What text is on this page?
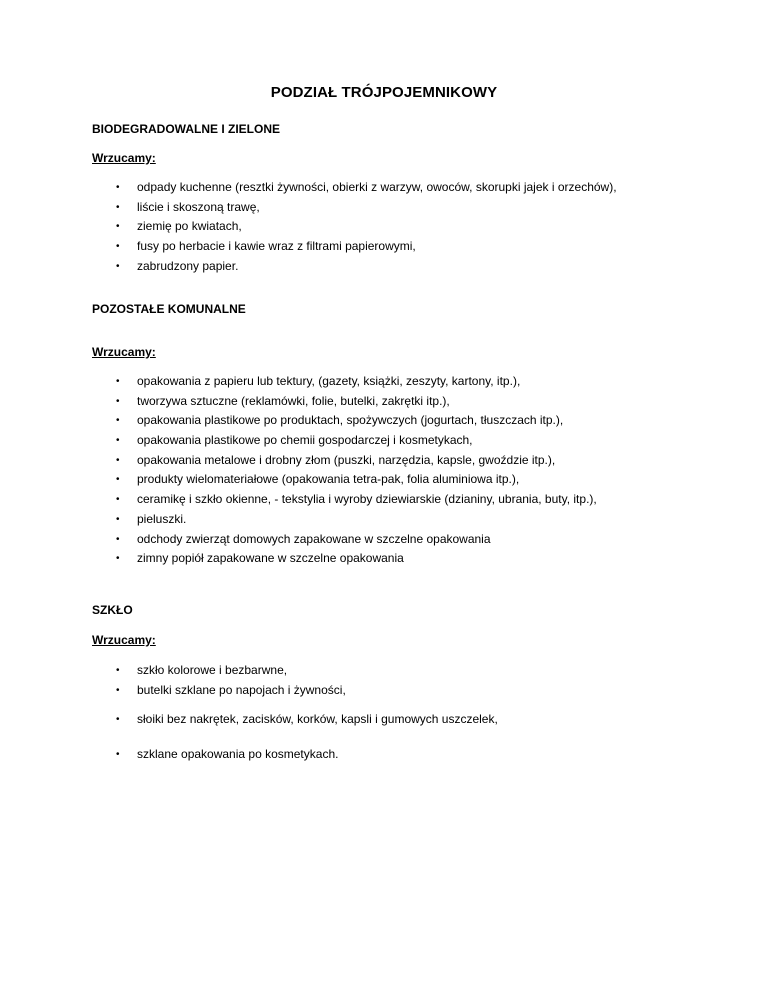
PODZIAŁ TRÓJPOJEMNIKOWY
BIODEGRADOWALNE I ZIELONE
Wrzucamy:
• odpady kuchenne (resztki żywności, obierki z warzyw, owoców, skorupki jajek i orzechów),
• liście i skoszoną trawę,
• ziemię po kwiatach,
• fusy po herbacie i kawie wraz z filtrami papierowymi,
• zabrudzony papier.
POZOSTAŁE KOMUNALNE
Wrzucamy:
• opakowania z papieru lub tektury, (gazety, książki, zeszyty, kartony, itp.),
• tworzywa sztuczne (reklamówki, folie, butelki, zakrętki itp.),
• opakowania plastikowe po produktach, spożywczych (jogurtach, tłuszczach itp.),
• opakowania plastikowe po chemii gospodarczej i kosmetykach,
• opakowania metalowe i drobny złom (puszki, narzędzia, kapsle, gwoździe itp.),
• produkty wielomateriałowe (opakowania tetra-pak, folia aluminiowa itp.),
• ceramikę i szkło okienne, - tekstylia i wyroby dziewiarskie (dzianiny, ubrania, buty, itp.),
• pieluszki.
• odchody zwierząt domowych zapakowane w szczelne opakowania
• zimny popiół zapakowane w szczelne opakowania
SZKŁO
Wrzucamy:
• szkło kolorowe i bezbarwne,
• butelki szklane po napojach i żywności,
• słoiki bez nakrętek, zacisków, korków, kapsli i gumowych uszczelek,
• szklane opakowania po kosmetykach.
